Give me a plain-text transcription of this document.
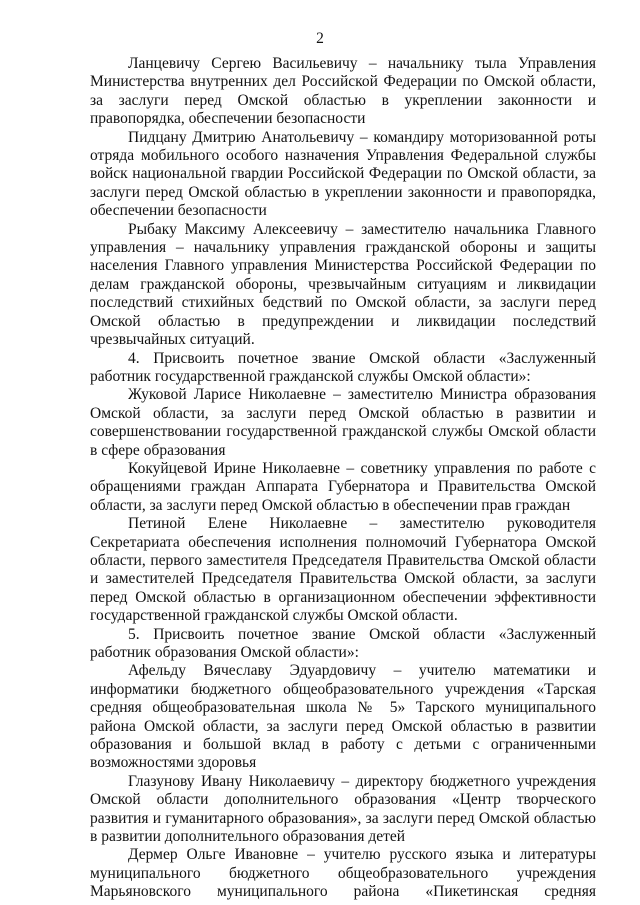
2

Ланцевичу Сергею Васильевичу – начальнику тыла Управления Министерства внутренних дел Российской Федерации по Омской области, за заслуги перед Омской областью в укреплении законности и правопорядка, обеспечении безопасности

Пидцану Дмитрию Анатольевичу – командиру моторизованной роты отряда мобильного особого назначения Управления Федеральной службы войск национальной гвардии Российской Федерации по Омской области, за заслуги перед Омской областью в укреплении законности и правопорядка, обеспечении безопасности

Рыбаку Максиму Алексеевичу – заместителю начальника Главного управления – начальнику управления гражданской обороны и защиты населения Главного управления Министерства Российской Федерации по делам гражданской обороны, чрезвычайным ситуациям и ликвидации последствий стихийных бедствий по Омской области, за заслуги перед Омской областью в предупреждении и ликвидации последствий чрезвычайных ситуаций.

4. Присвоить почетное звание Омской области «Заслуженный работник государственной гражданской службы Омской области»:

Жуковой Ларисе Николаевне – заместителю Министра образования Омской области, за заслуги перед Омской областью в развитии и совершенствовании государственной гражданской службы Омской области в сфере образования

Кокуйцевой Ирине Николаевне – советнику управления по работе с обращениями граждан Аппарата Губернатора и Правительства Омской области, за заслуги перед Омской областью в обеспечении прав граждан

Петиной Елене Николаевне – заместителю руководителя Секретариата обеспечения исполнения полномочий Губернатора Омской области, первого заместителя Председателя Правительства Омской области и заместителей Председателя Правительства Омской области, за заслуги перед Омской областью в организационном обеспечении эффективности государственной гражданской службы Омской области.

5. Присвоить почетное звание Омской области «Заслуженный работник образования Омской области»:

Афельду Вячеславу Эдуардовичу – учителю математики и информатики бюджетного общеобразовательного учреждения «Тарская средняя общеобразовательная школа № 5» Тарского муниципального района Омской области, за заслуги перед Омской областью в развитии образования и большой вклад в работу с детьми с ограниченными возможностями здоровья

Глазунову Ивану Николаевичу – директору бюджетного учреждения Омской области дополнительного образования «Центр творческого развития и гуманитарного образования», за заслуги перед Омской областью в развитии дополнительного образования детей

Дермер Ольге Ивановне – учителю русского языка и литературы муниципального бюджетного общеобразовательного учреждения Марьяновского муниципального района «Пикетинская средняя
